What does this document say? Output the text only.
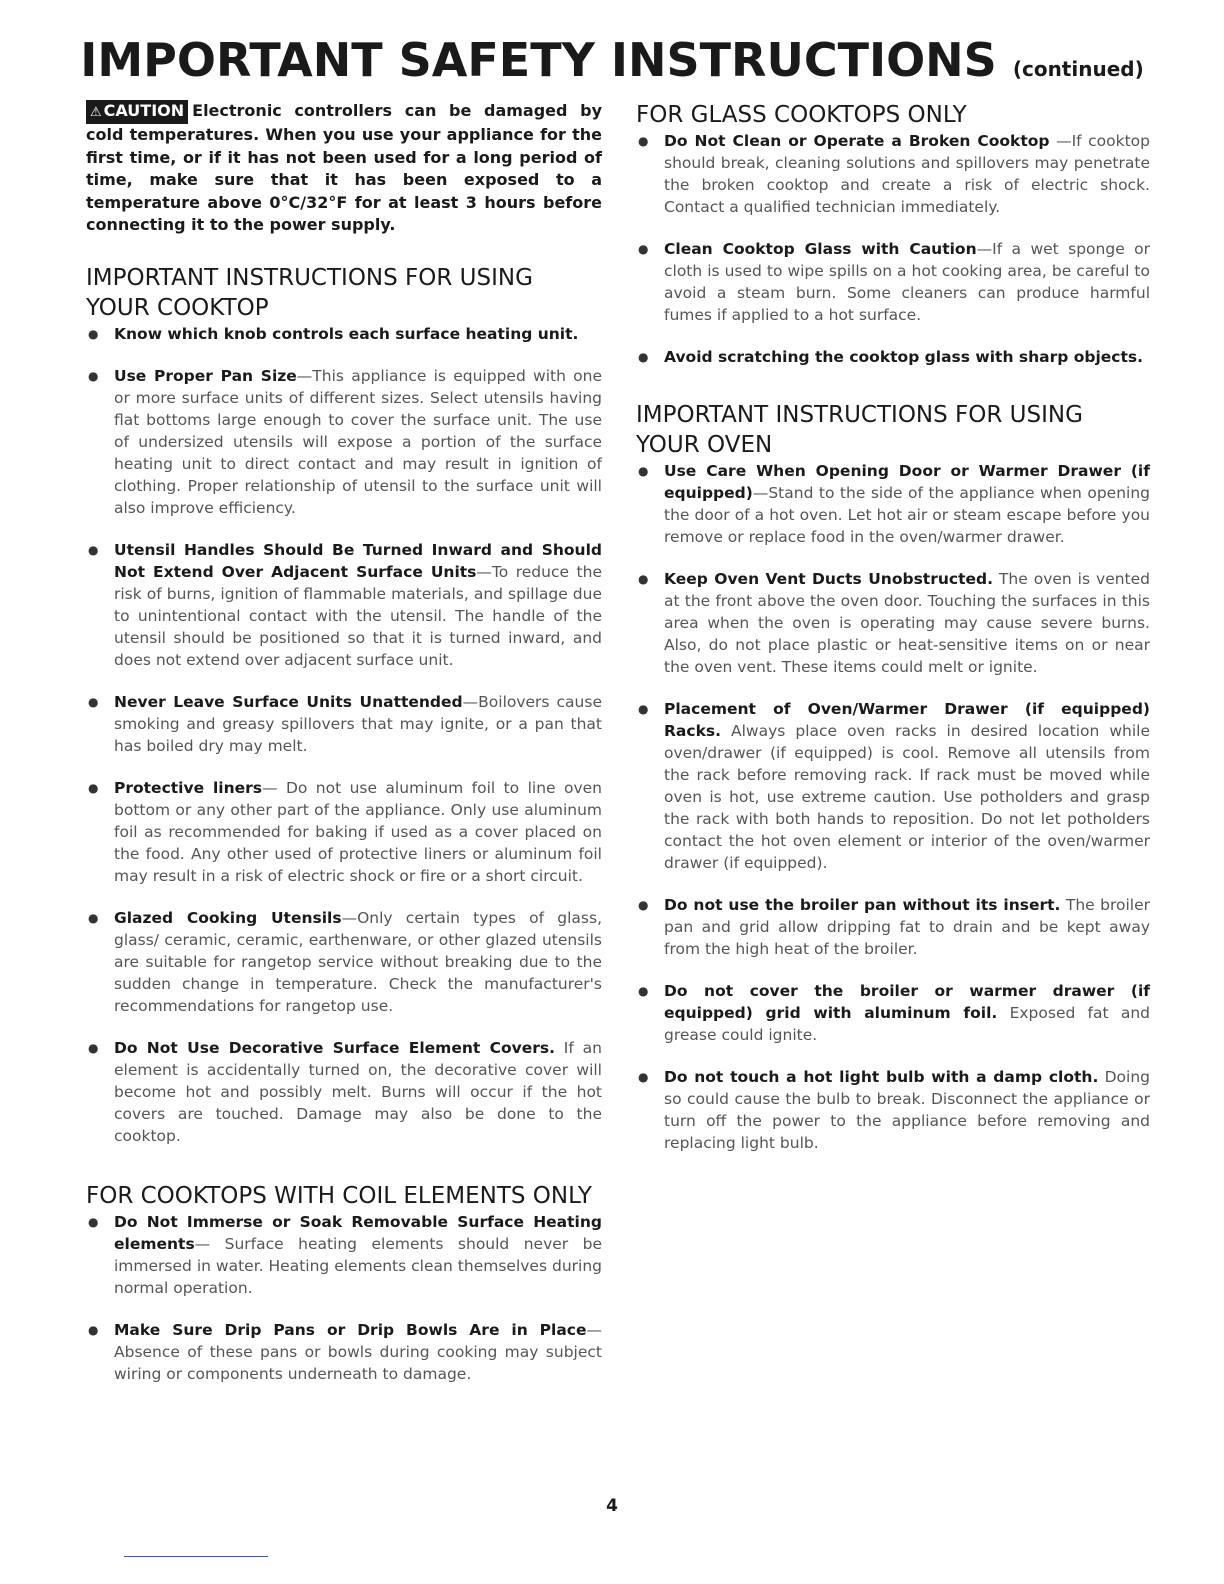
IMPORTANT SAFETY INSTRUCTIONS (continued)
⚠ CAUTION Electronic controllers can be damaged by cold temperatures. When you use your appliance for the first time, or if it has not been used for a long period of time, make sure that it has been exposed to a temperature above 0°C/32°F for at least 3 hours before connecting it to the power supply.
IMPORTANT INSTRUCTIONS FOR USING YOUR COOKTOP
● Know which knob controls each surface heating unit.
● Use Proper Pan Size—This appliance is equipped with one or more surface units of different sizes. Select utensils having flat bottoms large enough to cover the surface unit. The use of undersized utensils will expose a portion of the surface heating unit to direct contact and may result in ignition of clothing. Proper relationship of utensil to the surface unit will also improve efficiency.
● Utensil Handles Should Be Turned Inward and Should Not Extend Over Adjacent Surface Units—To reduce the risk of burns, ignition of flammable materials, and spillage due to unintentional contact with the utensil. The handle of the utensil should be positioned so that it is turned inward, and does not extend over adjacent surface unit.
● Never Leave Surface Units Unattended—Boilovers cause smoking and greasy spillovers that may ignite, or a pan that has boiled dry may melt.
● Protective liners— Do not use aluminum foil to line oven bottom or any other part of the appliance. Only use aluminum foil as recommended for baking if used as a cover placed on the food. Any other used of protective liners or aluminum foil may result in a risk of electric shock or fire or a short circuit.
● Glazed Cooking Utensils—Only certain types of glass, glass/ ceramic, ceramic, earthenware, or other glazed utensils are suitable for rangetop service without breaking due to the sudden change in temperature. Check the manufacturer's recommendations for rangetop use.
● Do Not Use Decorative Surface Element Covers. If an element is accidentally turned on, the decorative cover will become hot and possibly melt. Burns will occur if the hot covers are touched. Damage may also be done to the cooktop.
FOR COOKTOPS WITH COIL ELEMENTS ONLY
● Do Not Immerse or Soak Removable Surface Heating elements— Surface heating elements should never be immersed in water. Heating elements clean themselves during normal operation.
● Make Sure Drip Pans or Drip Bowls Are in Place—Absence of these pans or bowls during cooking may subject wiring or components underneath to damage.
FOR GLASS COOKTOPS ONLY
● Do Not Clean or Operate a Broken Cooktop —If cooktop should break, cleaning solutions and spillovers may penetrate the broken cooktop and create a risk of electric shock. Contact a qualified technician immediately.
● Clean Cooktop Glass with Caution—If a wet sponge or cloth is used to wipe spills on a hot cooking area, be careful to avoid a steam burn. Some cleaners can produce harmful fumes if applied to a hot surface.
● Avoid scratching the cooktop glass with sharp objects.
IMPORTANT INSTRUCTIONS FOR USING YOUR OVEN
● Use Care When Opening Door or Warmer Drawer (if equipped)—Stand to the side of the appliance when opening the door of a hot oven. Let hot air or steam escape before you remove or replace food in the oven/warmer drawer.
● Keep Oven Vent Ducts Unobstructed. The oven is vented at the front above the oven door. Touching the surfaces in this area when the oven is operating may cause severe burns. Also, do not place plastic or heat-sensitive items on or near the oven vent. These items could melt or ignite.
● Placement of Oven/Warmer Drawer (if equipped) Racks. Always place oven racks in desired location while oven/drawer (if equipped) is cool. Remove all utensils from the rack before removing rack. If rack must be moved while oven is hot, use extreme caution. Use potholders and grasp the rack with both hands to reposition. Do not let potholders contact the hot oven element or interior of the oven/warmer drawer (if equipped).
● Do not use the broiler pan without its insert. The broiler pan and grid allow dripping fat to drain and be kept away from the high heat of the broiler.
● Do not cover the broiler or warmer drawer (if equipped) grid with aluminum foil. Exposed fat and grease could ignite.
● Do not touch a hot light bulb with a damp cloth. Doing so could cause the bulb to break. Disconnect the appliance or turn off the power to the appliance before removing and replacing light bulb.
4
